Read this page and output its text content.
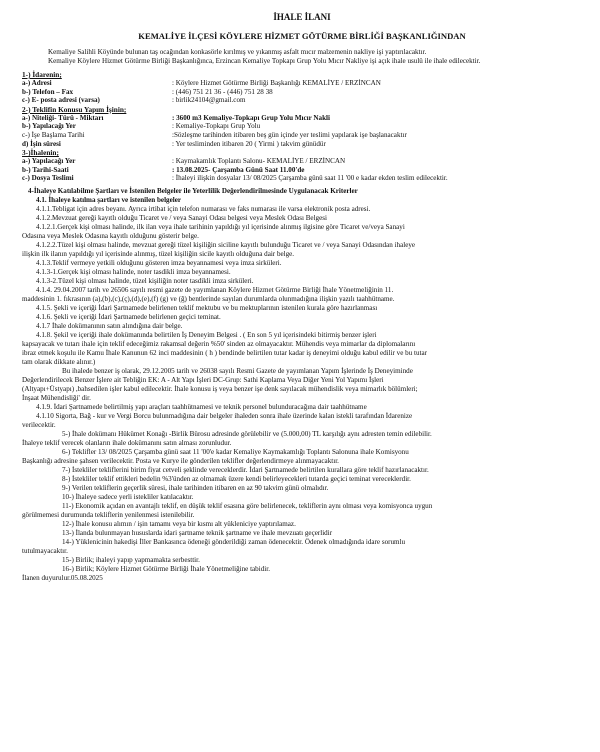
İHALE İLANI
KEMALİYE İLÇESİ KÖYLERE HİZMET GÖTÜRME BİRLİĞİ BAŞKANLIĞINDAN

Kemaliye Salihli Köyünde bulunan taş ocağından konkasörle kırılmış ve yıkanmış asfalt mıcır malzemenin nakliye işi yaptırılacaktır.

Kemaliye Köylere Hizmet Götürme Birliği Başkanlığınca, Erzincan Kemaliye Topkapı Grup Yolu Mıcır Nakliye işi açık ihale usulü ile ihale edilecektir.

1-) İdarenin;
a-) Adresi	: Köylere Hizmet Götürme Birliği Başkanlığı KEMALİYE / ERZİNCAN
b-) Telefon – Fax	: (446) 751 21 36 - (446) 751 28 38
c-) E- posta adresi (varsa)	: birlik24104@gmail.com
2-) Teklifin Konusu Yapım İşinin;
a-) Niteliği- Türü - Miktarı	: 3600 m3 Kemaliye-Topkapı Grup Yolu Mıcır Nakli
b-) Yapılacağı Yer	: Kemaliye-Topkapı Grup Yolu
c-) İşe Başlama Tarihi	:Sözleşme tarihinden itibaren beş gün içinde yer teslimi yapılarak işe başlanacaktır
d) İşin süresi	: Yer tesliminden itibaren 20 ( Yirmi ) takvim günüdür
3-)İhalenin;
a-) Yapılacağı Yer	: Kaymakamlık Toplantı Salonu- KEMALİYE / ERZİNCAN
b-) Tarihi-Saati	: 13.08.2025- Çarşamba Günü Saat 11.00'de
c-) Dosya Teslimi	: İhaleyi ilişkin dosyalar 13/ 08/2025 Çarşamba günü saat 11 '00 e kadar ekden teslim edilecektir.

4-İhaleye Katılabilme Şartları ve İstenilen Belgeler ile Yeterlilik Değerlendirilmesinde Uygulanacak Kriterler

4.1. İhaleye katılma şartları ve istenilen belgeler

4.1.1.Tebligat için adres beyanı. Ayrıca irtibat için telefon numarası ve faks numarası ile varsa elektronik posta adresi.

4.1.2.Mevzuat gereği kayıtlı olduğu Ticaret ve / veya Sanayi Odası belgesi veya Meslek Odası Belgesi

4.1.2.1.Gerçek kişi olması halinde, ilk ilan veya ihale tarihinin yapıldığı yıl içerisinde alınmış ilgisine göre Ticaret ve/veya Sanayi

Odasına veya Meslek Odasına kayıtlı olduğunu gösterir belge.

4.1.2.2.Tüzel kişi olması halinde, mevzuat gereği tüzel kişiliğin siciline kayıtlı bulunduğu Ticaret ve / veya Sanayi Odasından ihaleye

ilişkin ilk ilanın yapıldığı yıl içerisinde alınmış, tüzel kişiliğin sicile kayıtlı olduğuna dair belge.

4.1.3.Teklif vermeye yetkili olduğunu gösteren imza beyannamesi veya imza sirküleri.

4.1.3-1.Gerçek kişi olması halinde, noter tasdikli imza beyannamesi.

4.1.3-2.Tüzel kişi olması halinde, tüzel kişiliğin noter tasdikli imza sirküleri.

4.1.4. 29.04.2007 tarih ve 26506 sayılı resmi gazete de yayımlanan Köylere Hizmet Götürme Birliği İhale Yönetmeliğinin 11.

maddesinin 1. fıkrasının (a),(b),(c),(ç),(d),(e),(f) (g) ve (ğ) bentlerinde sayılan durumlarda olunmadığına ilişkin yazılı taahhütname.

4.1.5. Şekli ve içeriği İdari Şartnamede belirlenen teklif mektubu ve bu mektuplarının istenilen kurala göre hazırlanması

4.1.6. Şekli ve içeriği İdari Şartnamede belirlenen geçici teminat.

4.1.7 İhale dokümanının satın alındığına dair belge.

4.1.8. Şekil ve içeriği ihale dokümanında belirtilen İş Deneyim Belgesi . ( En son 5 yıl içerisindeki bitirmiş benzer işleri

kapsayacak ve tutarı ihale için teklif edeceğimiz rakamsal değerin %50' sinden az olmayacaktır. Mühendis veya mimarlar da diplomalarını

ibraz etmek koşulu ile Kamu İhale Kanunun 62 inci maddesinin ( h ) bendinde belirtilen tutar kadar iş deneyimi olduğu kabul edilir ve bu tutar

tam olarak dikkate alınır.)

Bu ihalede benzer iş olarak, 29.12.2005 tarih ve 26038 sayılı Resmi Gazete de yayımlanan Yapım İşlerinde İş Deneyiminde

Değerlendirilecek Benzer İşlere ait Tebliğin EK: A - Alt Yapı İşleri DC-Grup: Sathi Kaplama Veya Diğer Yeni Yol Yapımı İşleri

(Altyapı+Üstyapı) ,bahsedilen işler kabul edilecektir. İhale konusu iş veya benzer işe denk sayılacak mühendislik veya mimarlık bölümleri;

İnşaat Mühendisliği' dir.

4.1.9. İdari Şartnamede belirtilmiş yapı araçları taahhütnamesi ve teknik personel bulunduracağına dair taahhütname

4.1.10 Sigorta, Bağ - kur ve Vergi Borcu bulunmadığına dair belgeler ihaleden sonra ihale üzerinde kalan istekli tarafından İdarenize

verilecektir.

5-) İhale dokümanı Hükümet Konağı -Birlik Bürosu adresinde görülebilir ve (5.000,00) TL karşılığı aynı adresten temin edilebilir.

İhaleye teklif verecek olanların ihale dokümanını satın alması zorunludur.

6-) Teklifler 13/ 08/2025 Çarşamba günü saat 11 '00'e kadar Kemaliye Kaymakamlığı Toplantı Salonuna ihale Komisyonu

Başkanlığı adresine şahsen verilecektir. Posta ve Kurye ile gönderilen teklifler değerlendirmeye alınmayacaktır.

7-) İstekliler tekliflerini birim fiyat cetveli şeklinde vereceklerdir. İdari Şartnamede belirtilen kurallara göre teklif hazırlanacaktır.

8-) İstekliler teklif ettikleri bedelin %3'ünden az olmamak üzere kendi belirleyecekleri tutarda geçici teminat vereceklerdir.

9-) Verilen tekliflerin geçerlik süresi, ihale tarihinden itibaren en az 90 takvim günü olmalıdır.

10-) İhaleye sadece yerli istekliler katılacaktır.

11-) Ekonomik açıdan en avantajlı teklif, en düşük teklif esasına göre belirlenecek, tekliflerin aynı olması veya komisyonca uygun

görülmemesi durumunda tekliflerin yenilenmesi istenilebilir.

12-) İhale konusu alımın / işin tamamı veya bir kısmı alt yükleniciye yaptırılamaz.

13-) İlanda bulunmayan hususlarda idari şartname teknik şartname ve ihale mevzuatı geçerlidir

14-) Yüklenicinin hakedişi İller Bankasınca ödeneği gönderildiği zaman ödenecektir. Ödenek olmadığında idare sorumlu

tutulmayacaktır.

15-) Birlik; ihaleyi yapıp yapmamakta serbesttir.

16-) Birlik; Köylere Hizmet Götürme Birliği İhale Yönetmeliğine tabidir.

İlanen duyurulur.05.08.2025
